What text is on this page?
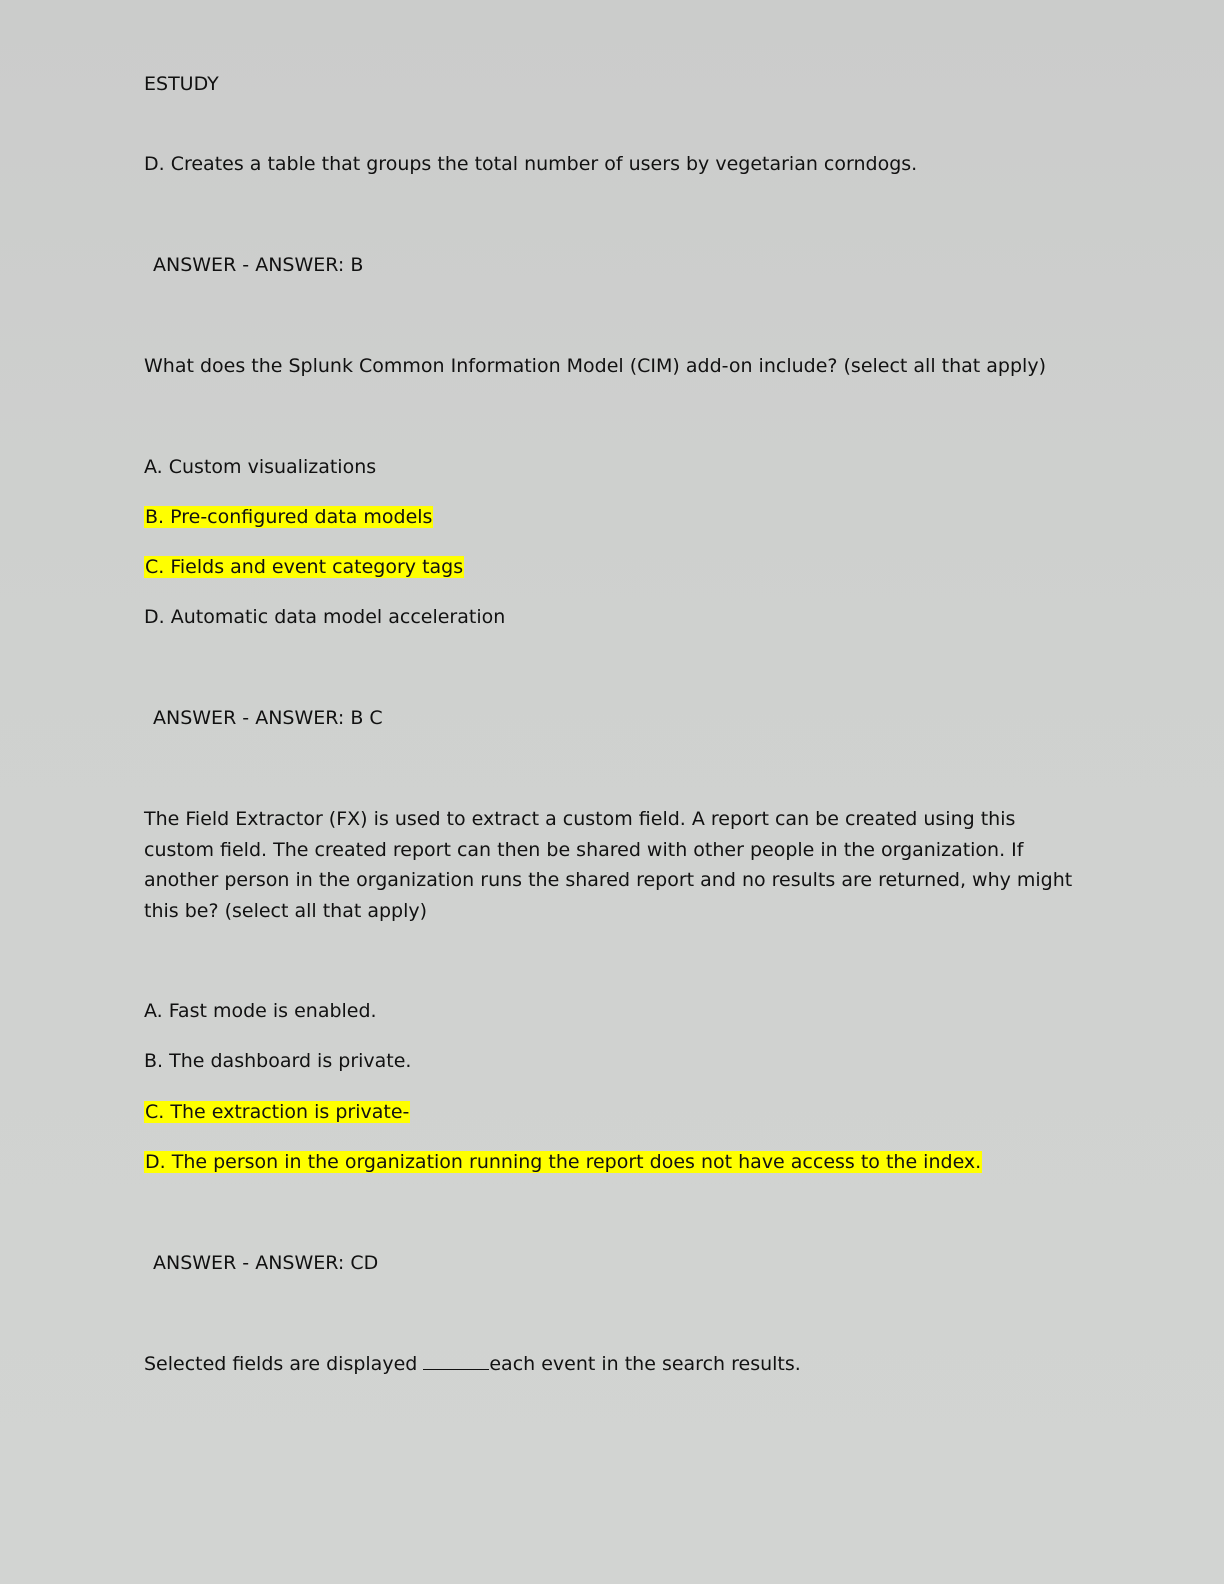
ESTUDY
D. Creates a table that groups the total number of users by vegetarian corndogs.
ANSWER - ANSWER: B
What does the Splunk Common Information Model (CIM) add-on include? (select all that apply)
A. Custom visualizations
B. Pre-configured data models
C. Fields and event category tags
D. Automatic data model acceleration
ANSWER - ANSWER: B C
The Field Extractor (FX) is used to extract a custom field. A report can be created using this custom field. The created report can then be shared with other people in the organization. If another person in the organization runs the shared report and no results are returned, why might this be? (select all that apply)
A. Fast mode is enabled.
B. The dashboard is private.
C. The extraction is private-
D. The person in the organization running the report does not have access to the index.
ANSWER - ANSWER: CD
Selected fields are displayed	each event in the search results.
